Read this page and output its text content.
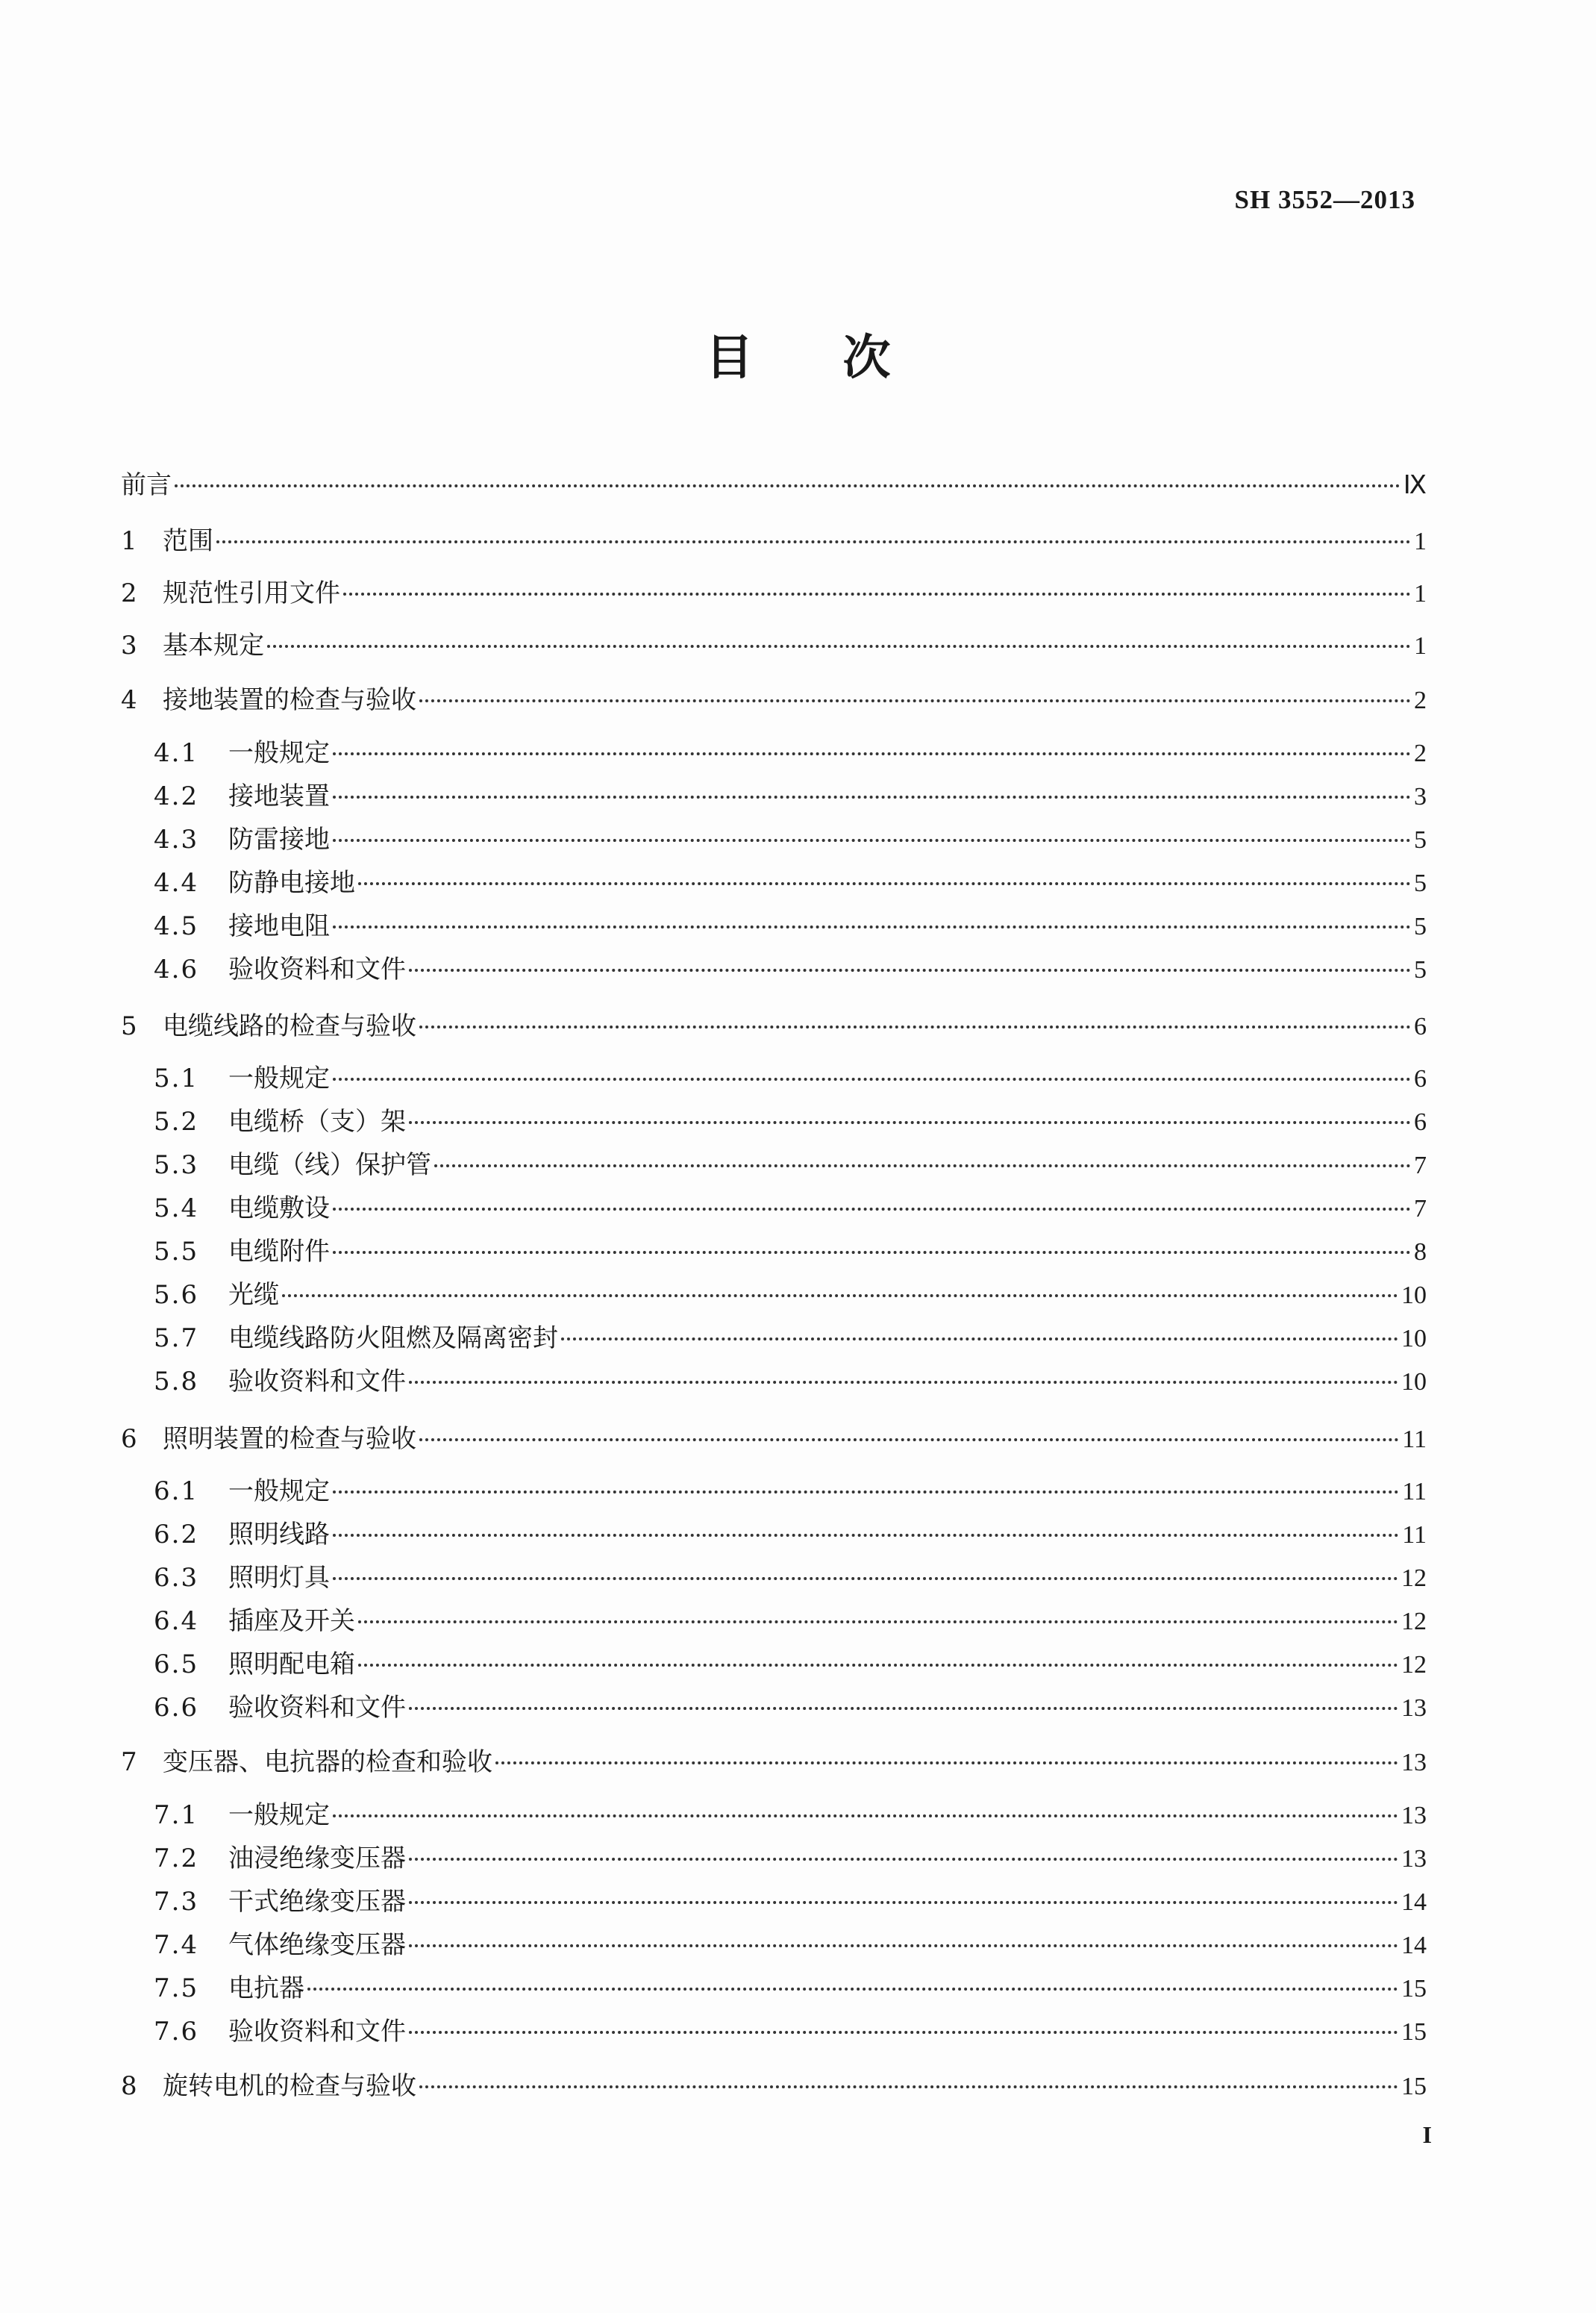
SH 3552—2013
目次
前言	Ⅸ
1	范围	1
2	规范性引用文件	1
3	基本规定	1
4	接地装置的检查与验收	2
4.1	一般规定	2
4.2	接地装置	3
4.3	防雷接地	5
4.4	防静电接地	5
4.5	接地电阻	5
4.6	验收资料和文件	5
5	电缆线路的检查与验收	6
5.1	一般规定	6
5.2	电缆桥（支）架	6
5.3	电缆（线）保护管	7
5.4	电缆敷设	7
5.5	电缆附件	8
5.6	光缆	10
5.7	电缆线路防火阻燃及隔离密封	10
5.8	验收资料和文件	10
6	照明装置的检查与验收	11
6.1	一般规定	11
6.2	照明线路	11
6.3	照明灯具	12
6.4	插座及开关	12
6.5	照明配电箱	12
6.6	验收资料和文件	13
7	变压器、电抗器的检查和验收	13
7.1	一般规定	13
7.2	油浸绝缘变压器	13
7.3	干式绝缘变压器	14
7.4	气体绝缘变压器	14
7.5	电抗器	15
7.6	验收资料和文件	15
8	旋转电机的检查与验收	15
I
